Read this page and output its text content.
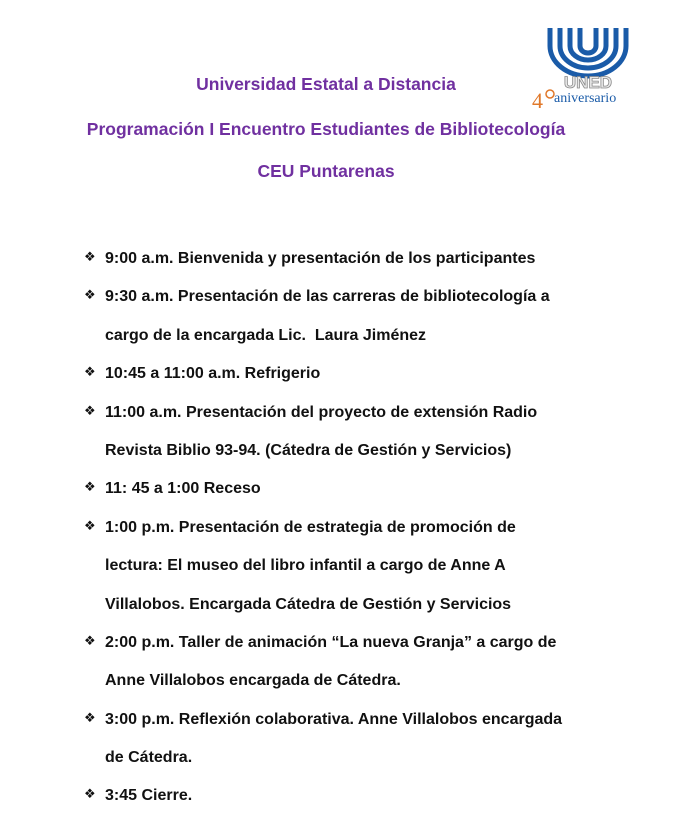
Universidad Estatal a Distancia
Programación I Encuentro Estudiantes de Bibliotecología
CEU Puntarenas
UNED
4 aniversario
❖ 9:00 a.m. Bienvenida y presentación de los participantes
❖ 9:30 a.m. Presentación de las carreras de bibliotecología a
cargo de la encargada Lic.  Laura Jiménez
❖ 10:45 a 11:00 a.m. Refrigerio
❖ 11:00 a.m. Presentación del proyecto de extensión Radio
Revista Biblio 93-94. (Cátedra de Gestión y Servicios)
❖ 11: 45 a 1:00 Receso
❖ 1:00 p.m. Presentación de estrategia de promoción de
lectura: El museo del libro infantil a cargo de Anne A
Villalobos. Encargada Cátedra de Gestión y Servicios
❖ 2:00 p.m. Taller de animación “La nueva Granja” a cargo de
Anne Villalobos encargada de Cátedra.
❖ 3:00 p.m. Reflexión colaborativa. Anne Villalobos encargada
de Cátedra.
❖ 3:45 Cierre.
